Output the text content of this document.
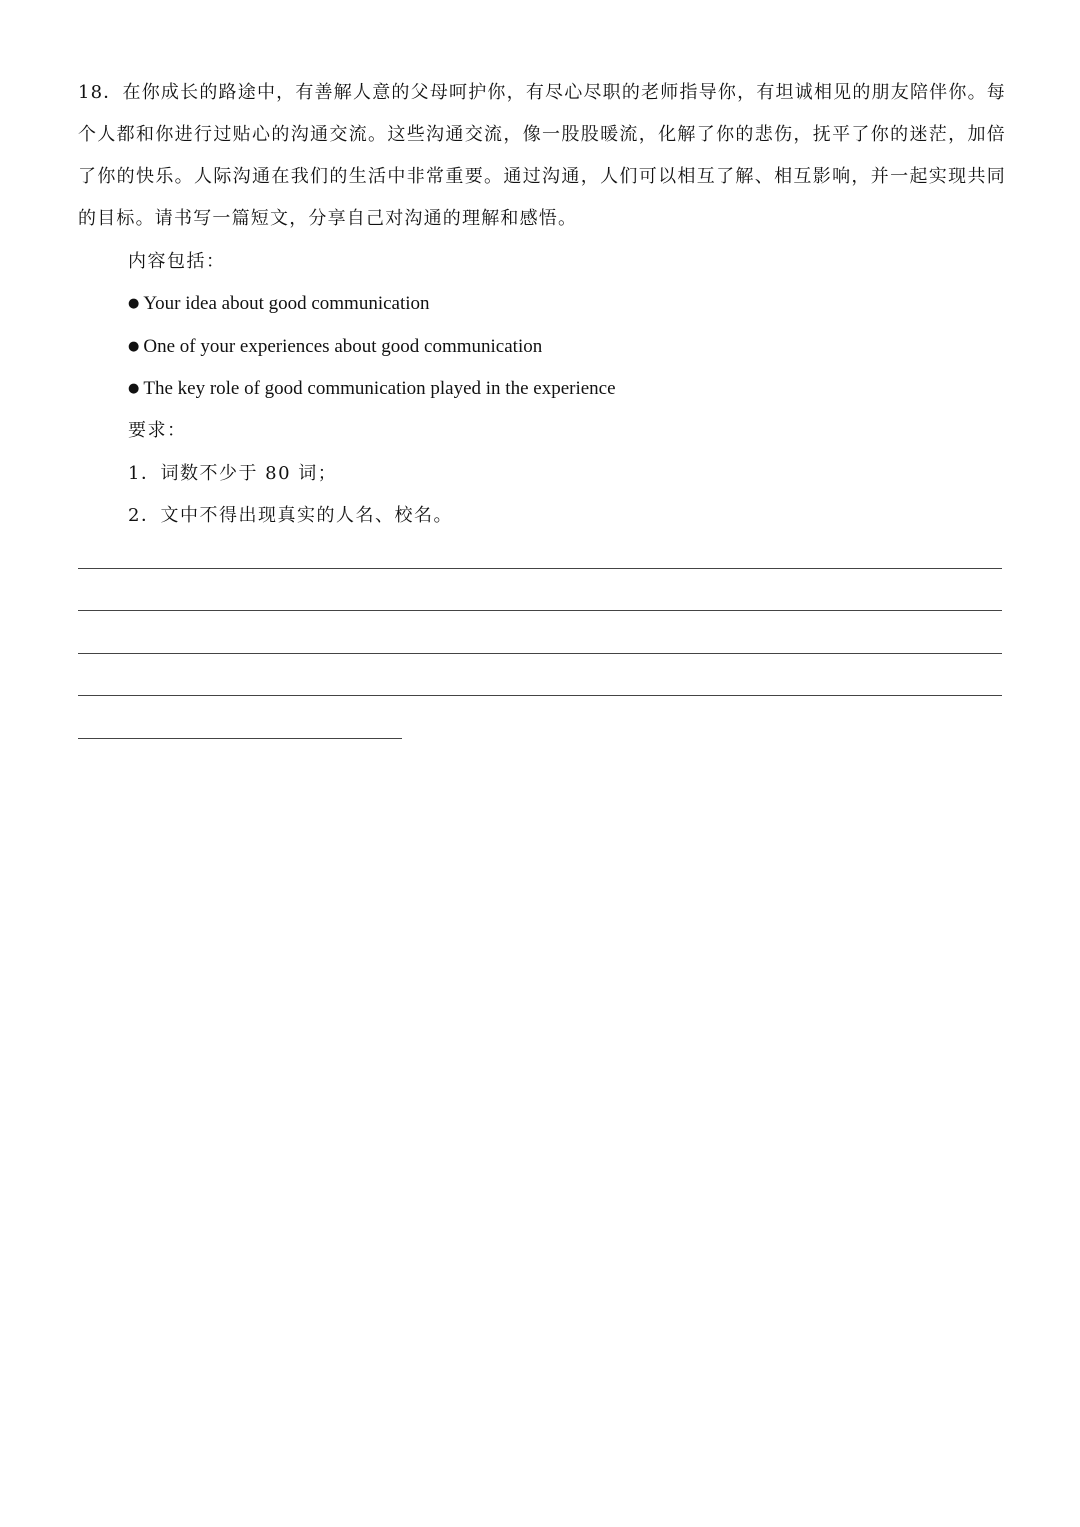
18．在你成长的路途中，有善解人意的父母呵护你，有尽心尽职的老师指导你，有坦诚相见的朋友陪伴你。每个人都和你进行过贴心的沟通交流。这些沟通交流，像一股股暖流，化解了你的悲伤，抚平了你的迷茫，加倍了你的快乐。人际沟通在我们的生活中非常重要。通过沟通，人们可以相互了解、相互影响，并一起实现共同的目标。请书写一篇短文，分享自己对沟通的理解和感悟。
内容包括：
● Your idea about good communication
● One of your experiences about good communication
● The key role of good communication played in the experience
要求：
1．词数不少于 80 词；
2．文中不得出现真实的人名、校名。
